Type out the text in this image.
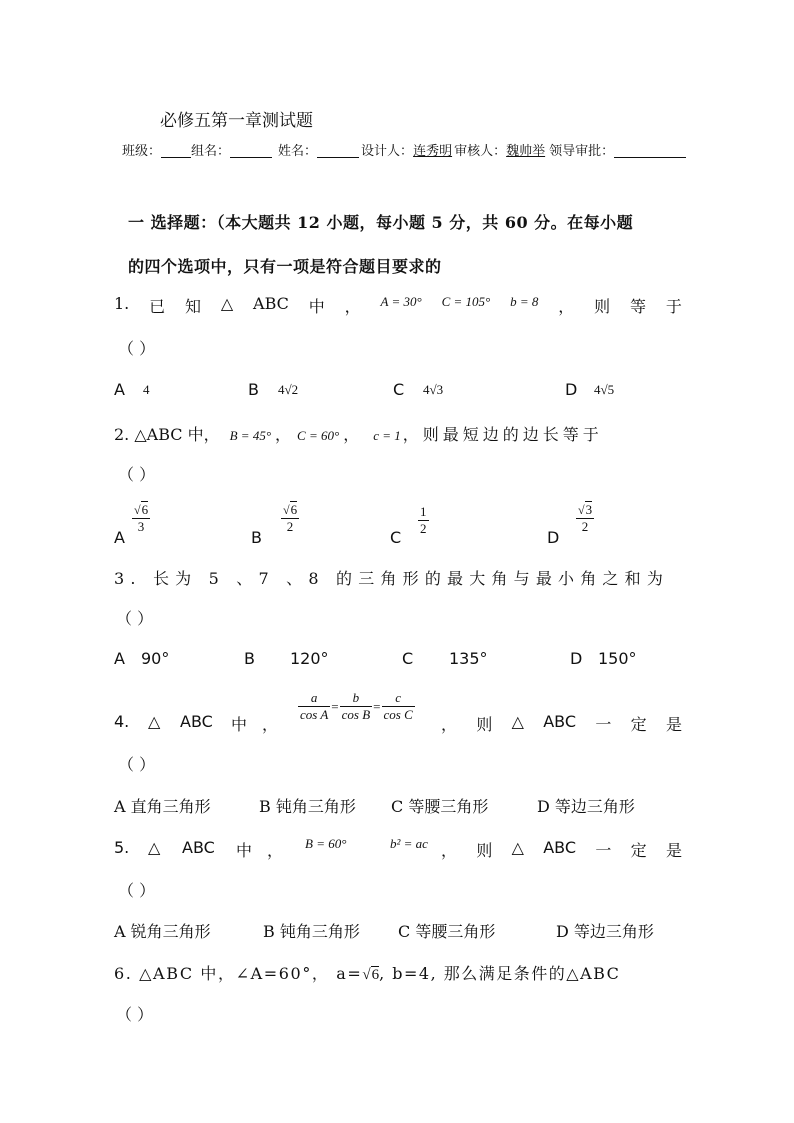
必修五第一章测试题
班级： 组名：	姓名：	设计人：连秀明 审核人：魏帅举 领导审批：
一 选择题：（本大题共 12 小题，每小题 5 分，共 60 分。在每小题
的四个选项中，只有一项是符合题目要求的
1. 已 知 △ ABC 中 ， A = 30° C = 105° b = 8 ， 则 等 于
（ ）
A 4	B 4√2	C 4√3	D 4√5
2. △ABC 中， B = 45° ， C = 60° ， c = 1 ，则最短边的边长等于
（ ）
A
$\frac{√6}{3}$
B
$\frac{√6}{2}$
C
$\frac{1}{2}$
D
$\frac{√3}{2}$
3. 长为 5 、7 、8 的三角形的最大角与最小角之和为
（ ）
A 90°	B 120°	C 135°	D 150°
4. △ ABC 中 ，
$\frac{a}{\text{cos A}} = \frac{b}{\text{cos B}} = \frac{c}{\text{cos C}}$
， 则 △ ABC 一 定 是
（ ）
A 直角三角形	B 钝角三角形 C 等腰三角形	D 等边三角形
5. △ ABC 中 ， B = 60°	b² = ac ， 则 △ ABC 一 定 是
（ ）
A 锐角三角形	B 钝角三角形 C 等腰三角形	D 等边三角形
6. △ABC 中，∠A=60°， a= √ 6 , b=4, 那么满足条件的△ABC
（ ）
